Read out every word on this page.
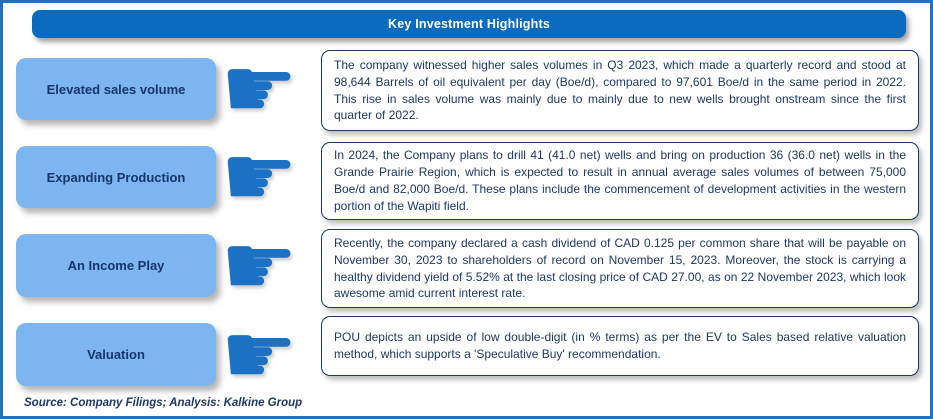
Key Investment Highlights
Elevated sales volume ☛	The company witnessed higher sales volumes in Q3 2023, which made a quarterly record and stood at 98,644 Barrels of oil equivalent per day (Boe/d), compared to 97,601 Boe/d in the same period in 2022. This rise in sales volume was mainly due to mainly due to new wells brought onstream since the first quarter of 2022.

Expanding Production ☛	In 2024, the Company plans to drill 41 (41.0 net) wells and bring on production 36 (36.0 net) wells in the Grande Prairie Region, which is expected to result in annual average sales volumes of between 75,000 Boe/d and 82,000 Boe/d. These plans include the commencement of development activities in the western portion of the Wapiti field.

An Income Play ☛	Recently, the company declared a cash dividend of CAD 0.125 per common share that will be payable on November 30, 2023 to shareholders of record on November 15, 2023. Moreover, the stock is carrying a healthy dividend yield of 5.52% at the last closing price of CAD 27.00, as on 22 November 2023, which look awesome amid current interest rate.

Valuation ☛	POU depicts an upside of low double-digit (in % terms) as per the EV to Sales based relative valuation method, which supports a 'Speculative Buy' recommendation.

Source: Company Filings; Analysis: Kalkine Group
